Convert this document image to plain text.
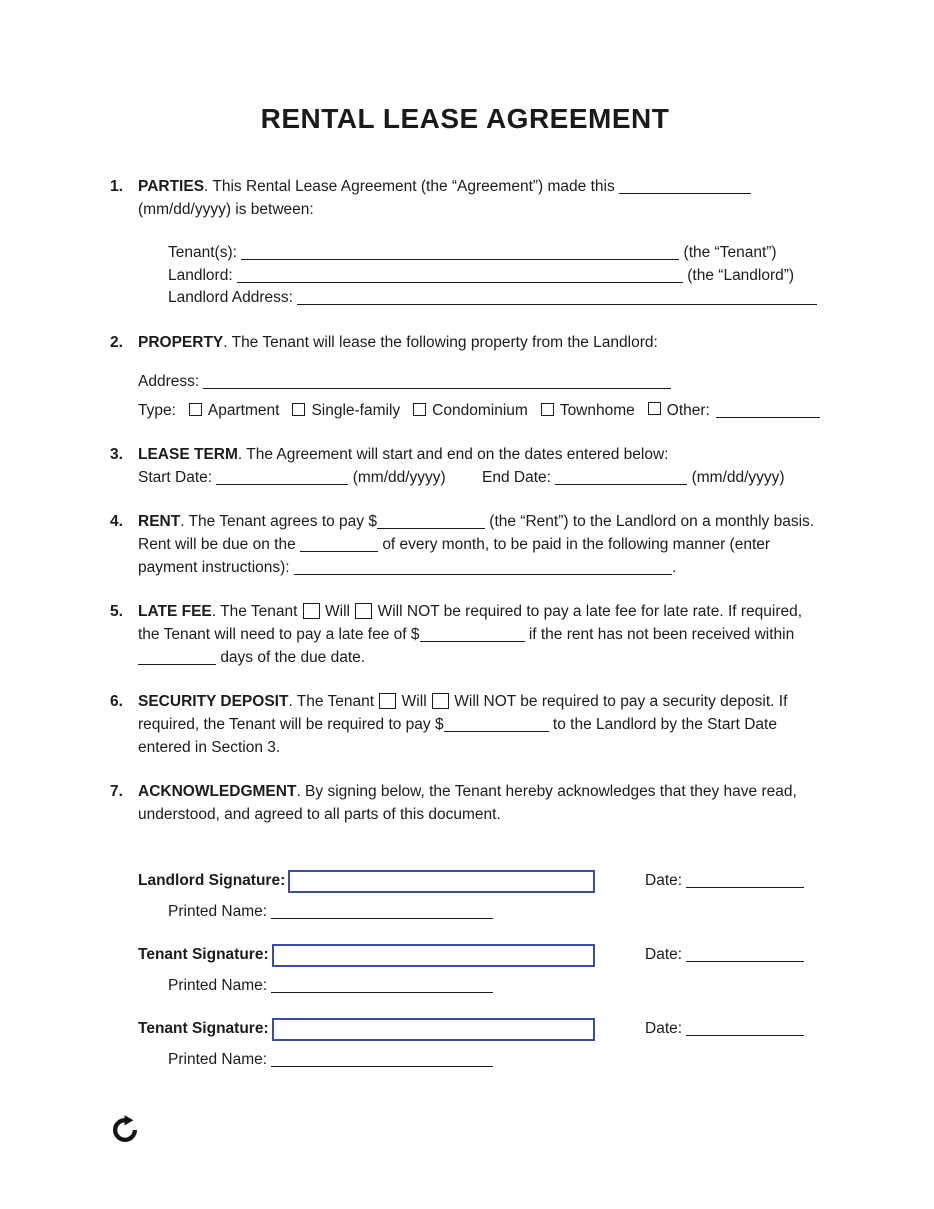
RENTAL LEASE AGREEMENT
1. PARTIES. This Rental Lease Agreement (the “Agreement”) made this  (mm/dd/yyyy) is between:

Tenant(s):	(the “Tenant”)
Landlord:	(the “Landlord”)
Landlord Address:
2. PROPERTY. The Tenant will lease the following property from the Landlord:

Address:
Type:	Apartment	Single-family	Condominium	Townhome Other:
3. LEASE TERM. The Agreement will start and end on the dates entered below:

Start Date:	(mm/dd/yyyy) End Date:	(mm/dd/yyyy)
4. RENT. The Tenant agrees to pay $	(the “Rent”) to the Landlord on a monthly basis. Rent will be due on the	of every month, to be paid in the following manner (enter payment instructions):	.

5. LATE FEE. The Tenant Will Will NOT be required to pay a late fee for late rate. If required, the Tenant will need to pay a late fee of $	if the rent has not been received within  days of the due date.

6. SECURITY DEPOSIT. The Tenant Will Will NOT be required to pay a security deposit. If required, the Tenant will be required to pay $	to the Landlord by the Start Date entered in Section 3.

7. ACKNOWLEDGMENT. By signing below, the Tenant hereby acknowledges that they have read, understood, and agreed to all parts of this document.

Landlord Signature:	Date:
Printed Name:
Tenant Signature:	Date:
Printed Name:
Tenant Signature:	Date:
Printed Name:
